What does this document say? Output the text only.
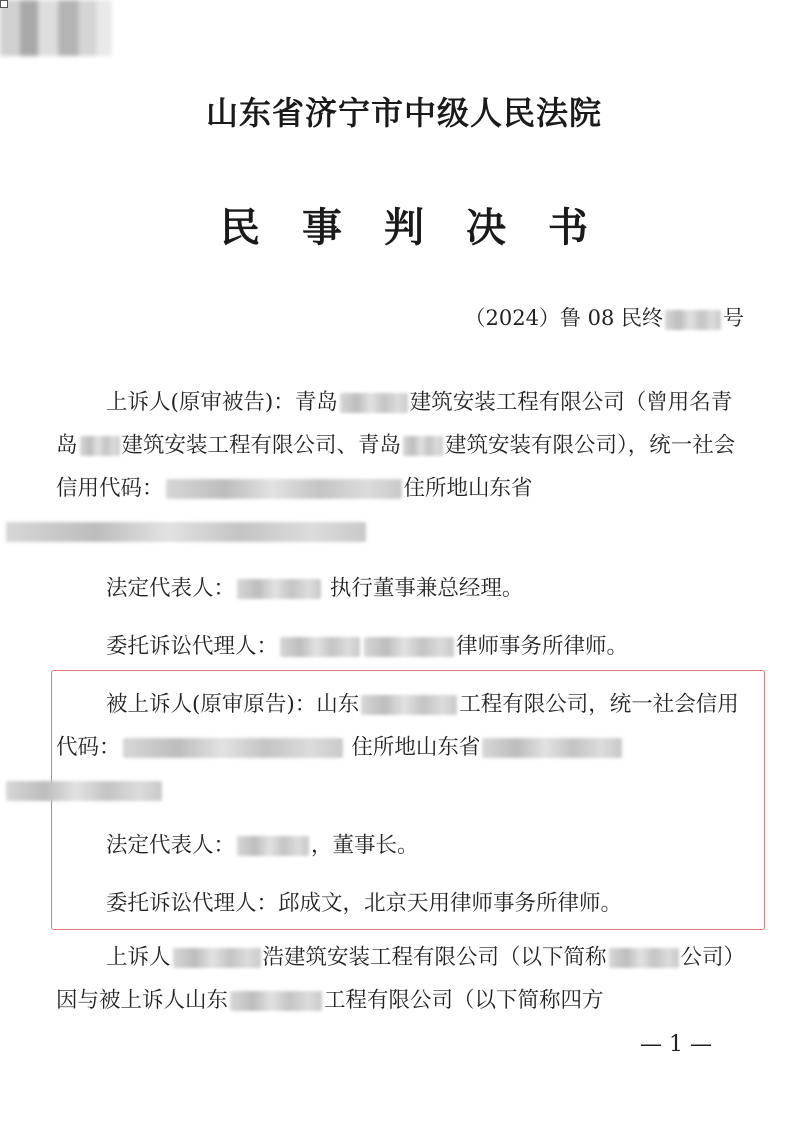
山东省济宁市中级人民法院
民 事 判 决 书
（2024）鲁 08 民终	号
上诉人(原审被告)：青岛	建筑安装工程有限公司（曾用名青岛 建筑安装工程有限公司、青岛 建筑安装有限公司），统一社会信用代码：	住所地山东省

法定代表人：	执行董事兼总经理。
委托诉讼代理人：	律师事务所律师。
被上诉人(原审原告)：山东	工程有限公司，统一社会信用代码：	住所地山东省

法定代表人：	，董事长。
委托诉讼代理人：邱成文，北京天用律师事务所律师。
上诉人	浩建筑安装工程有限公司（以下简称	公司）因与被上诉人山东	工程有限公司（以下简称四方
— 1 —
